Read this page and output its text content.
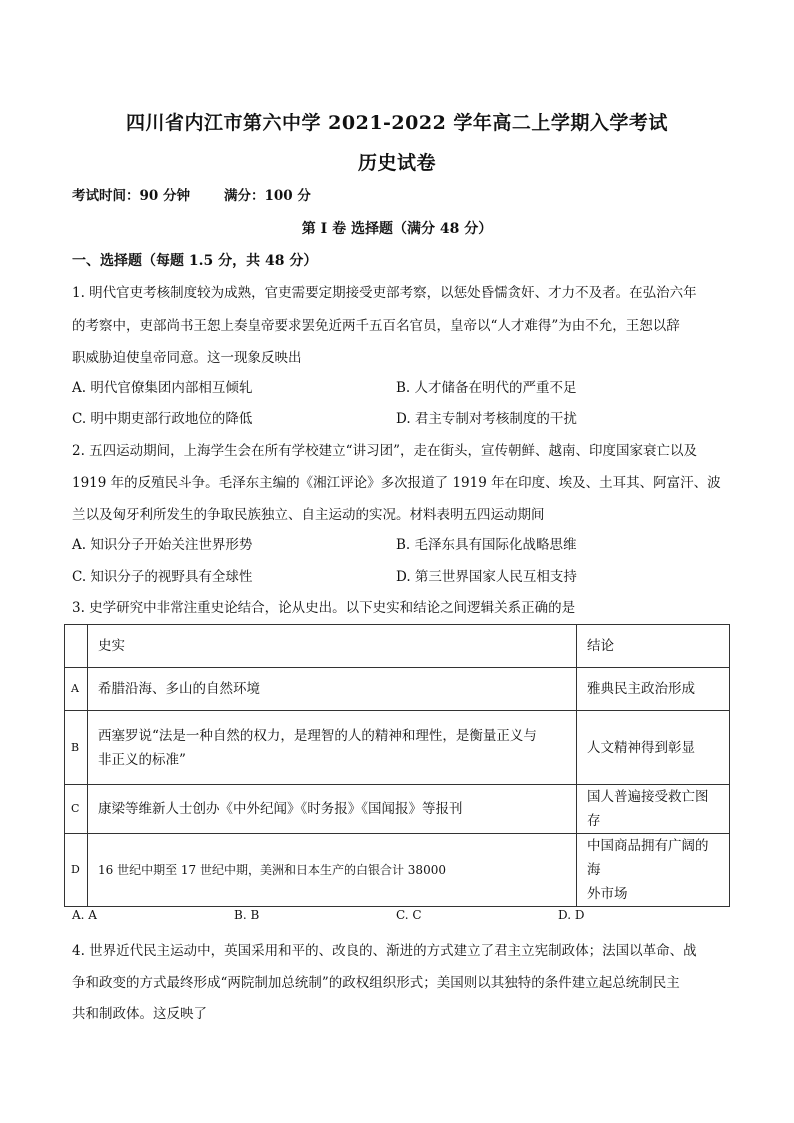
四川省内江市第六中学 2021-2022 学年高二上学期入学考试
历史试卷
考试时间：90 分钟	满分：100 分
第 I 卷 选择题（满分 48 分）
一、选择题（每题 1.5 分，共 48 分）
1. 明代官吏考核制度较为成熟，官吏需要定期接受吏部考察，以惩处昏懦贪奸、才力不及者。在弘治六年
的考察中，吏部尚书王恕上奏皇帝要求罢免近两千五百名官员，皇帝以“人才难得”为由不允，王恕以辞
职威胁迫使皇帝同意。这一现象反映出
A. 明代官僚集团内部相互倾轧	B. 人才储备在明代的严重不足
C. 明中期吏部行政地位的降低	D. 君主专制对考核制度的干扰
2. 五四运动期间，上海学生会在所有学校建立“讲习团”，走在街头，宣传朝鲜、越南、印度国家衰亡以及
1919 年的反殖民斗争。毛泽东主编的《湘江评论》多次报道了 1919 年在印度、埃及、土耳其、阿富汗、波
兰以及匈牙利所发生的争取民族独立、自主运动的实况。材料表明五四运动期间
A. 知识分子开始关注世界形势	B. 毛泽东具有国际化战略思维
C. 知识分子的视野具有全球性	D. 第三世界国家人民互相支持
3. 史学研究中非常注重史论结合，论从史出。以下史实和结论之间逻辑关系正确的是
	史实	结论
A	希腊沿海、多山的自然环境	雅典民主政治形成
B	西塞罗说“法是一种自然的权力，是理智的人的精神和理性，是衡量正义与
非正义的标准”	人文精神得到彰显
C	康梁等维新人士创办《中外纪闻》《时务报》《国闻报》等报刊	国人普遍接受救亡图存
D	16 世纪中期至 17 世纪中期，美洲和日本生产的白银合计 38000	中国商品拥有广阔的海
外市场
A. A	B. B	C. C	D. D
4. 世界近代民主运动中，英国采用和平的、改良的、渐进的方式建立了君主立宪制政体；法国以革命、战
争和政变的方式最终形成“两院制加总统制”的政权组织形式；美国则以其独特的条件建立起总统制民主
共和制政体。这反映了
